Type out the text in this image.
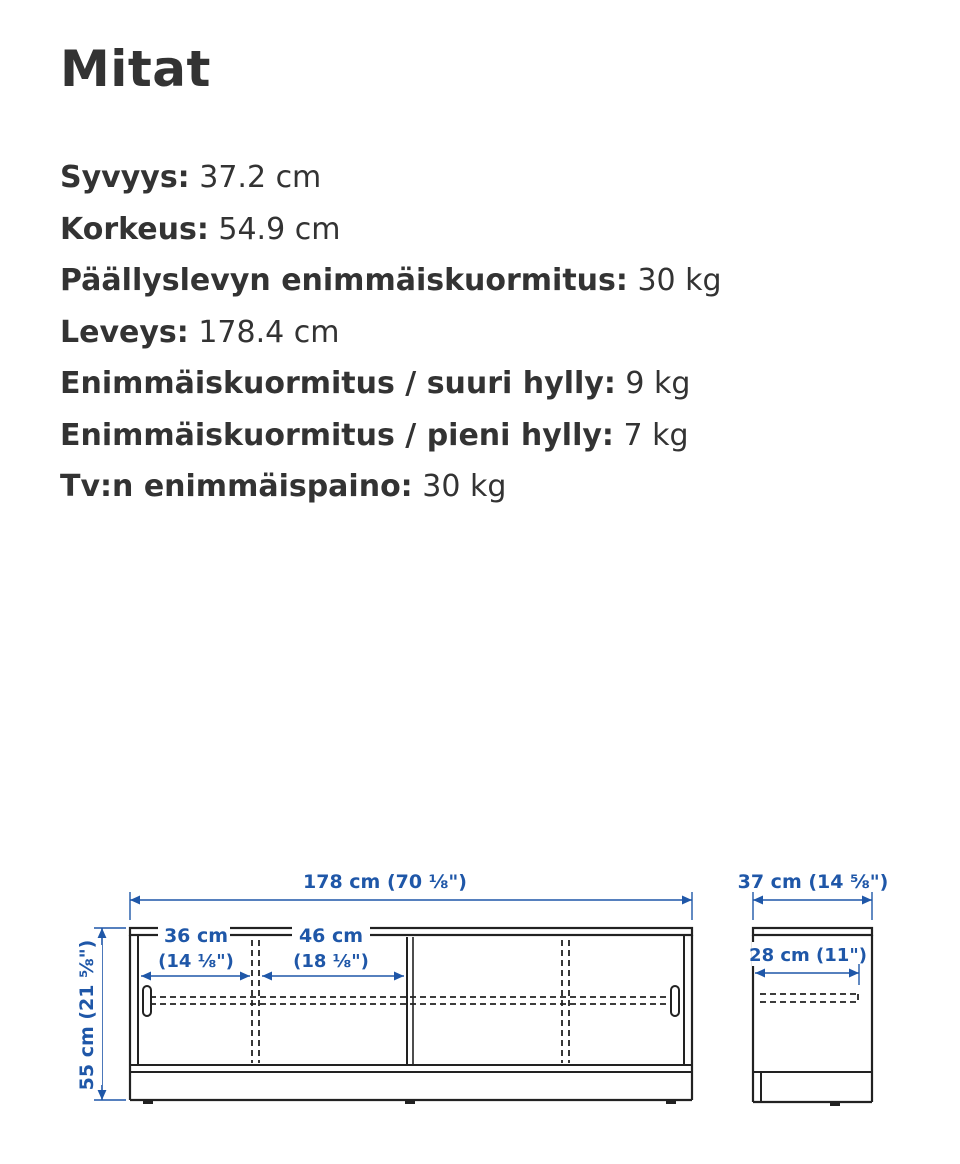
Mitat
Syvyys: 37.2 cm
Korkeus: 54.9 cm
Päällyslevyn enimmäiskuormitus: 30 kg
Leveys: 178.4 cm
Enimmäiskuormitus / suuri hylly: 9 kg
Enimmäiskuormitus / pieni hylly: 7 kg
Tv:n enimmäispaino: 30 kg
178 cm (70 ⅛")
55 cm (21 ⅝")
36 cm
(14 ⅛")
46 cm
(18 ⅛")
37 cm (14 ⅝")
28 cm (11")
